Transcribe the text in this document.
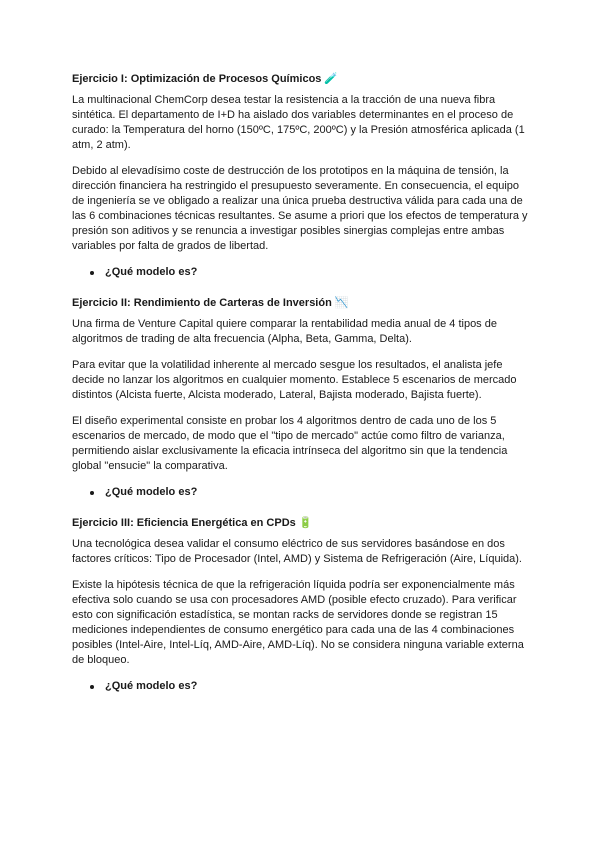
Ejercicio I: Optimización de Procesos Químicos 🧪

La multinacional ChemCorp desea testar la resistencia a la tracción de una nueva fibra sintética. El departamento de I+D ha aislado dos variables determinantes en el proceso de curado: la Temperatura del horno (150ºC, 175ºC, 200ºC) y la Presión atmosférica aplicada (1 atm, 2 atm).

Debido al elevadísimo coste de destrucción de los prototipos en la máquina de tensión, la dirección financiera ha restringido el presupuesto severamente. En consecuencia, el equipo de ingeniería se ve obligado a realizar una única prueba destructiva válida para cada una de las 6 combinaciones técnicas resultantes. Se asume a priori que los efectos de temperatura y presión son aditivos y se renuncia a investigar posibles sinergias complejas entre ambas variables por falta de grados de libertad.

¿Qué modelo es?
Ejercicio II: Rendimiento de Carteras de Inversión 📉

Una firma de Venture Capital quiere comparar la rentabilidad media anual de 4 tipos de algoritmos de trading de alta frecuencia (Alpha, Beta, Gamma, Delta).

Para evitar que la volatilidad inherente al mercado sesgue los resultados, el analista jefe decide no lanzar los algoritmos en cualquier momento. Establece 5 escenarios de mercado distintos (Alcista fuerte, Alcista moderado, Lateral, Bajista moderado, Bajista fuerte).

El diseño experimental consiste en probar los 4 algoritmos dentro de cada uno de los 5 escenarios de mercado, de modo que el "tipo de mercado" actúe como filtro de varianza, permitiendo aislar exclusivamente la eficacia intrínseca del algoritmo sin que la tendencia global "ensucie" la comparativa.

¿Qué modelo es?
Ejercicio III: Eficiencia Energética en CPDs 🔋

Una tecnológica desea validar el consumo eléctrico de sus servidores basándose en dos factores críticos: Tipo de Procesador (Intel, AMD) y Sistema de Refrigeración (Aire, Líquida).

Existe la hipótesis técnica de que la refrigeración líquida podría ser exponencialmente más efectiva solo cuando se usa con procesadores AMD (posible efecto cruzado). Para verificar esto con significación estadística, se montan racks de servidores donde se registran 15 mediciones independientes de consumo energético para cada una de las 4 combinaciones posibles (Intel-Aire, Intel-Líq, AMD-Aire, AMD-Líq). No se considera ninguna variable externa de bloqueo.

¿Qué modelo es?
